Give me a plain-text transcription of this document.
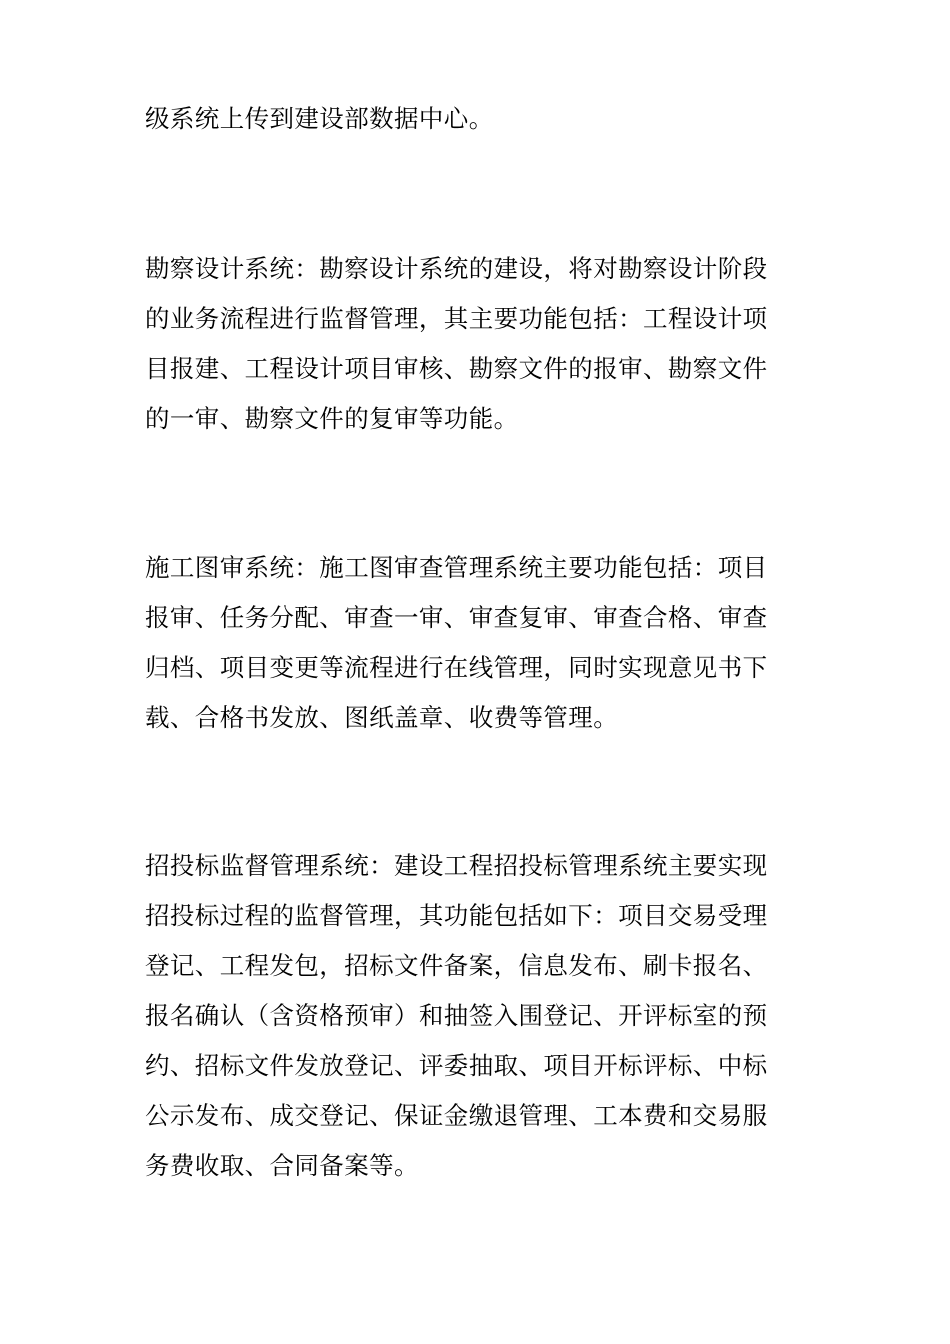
级系统上传到建设部数据中心。

勘察设计系统：勘察设计系统的建设，将对勘察设计阶段
的业务流程进行监督管理，其主要功能包括：工程设计项
目报建、工程设计项目审核、勘察文件的报审、勘察文件
的一审、勘察文件的复审等功能。

施工图审系统：施工图审查管理系统主要功能包括：项目
报审、任务分配、审查一审、审查复审、审查合格、审查
归档、项目变更等流程进行在线管理，同时实现意见书下
载、合格书发放、图纸盖章、收费等管理。

招投标监督管理系统：建设工程招投标管理系统主要实现
招投标过程的监督管理，其功能包括如下：项目交易受理
登记、工程发包，招标文件备案，信息发布、刷卡报名、
报名确认（含资格预审）和抽签入围登记、开评标室的预
约、招标文件发放登记、评委抽取、项目开标评标、中标
公示发布、成交登记、保证金缴退管理、工本费和交易服
务费收取、合同备案等。
